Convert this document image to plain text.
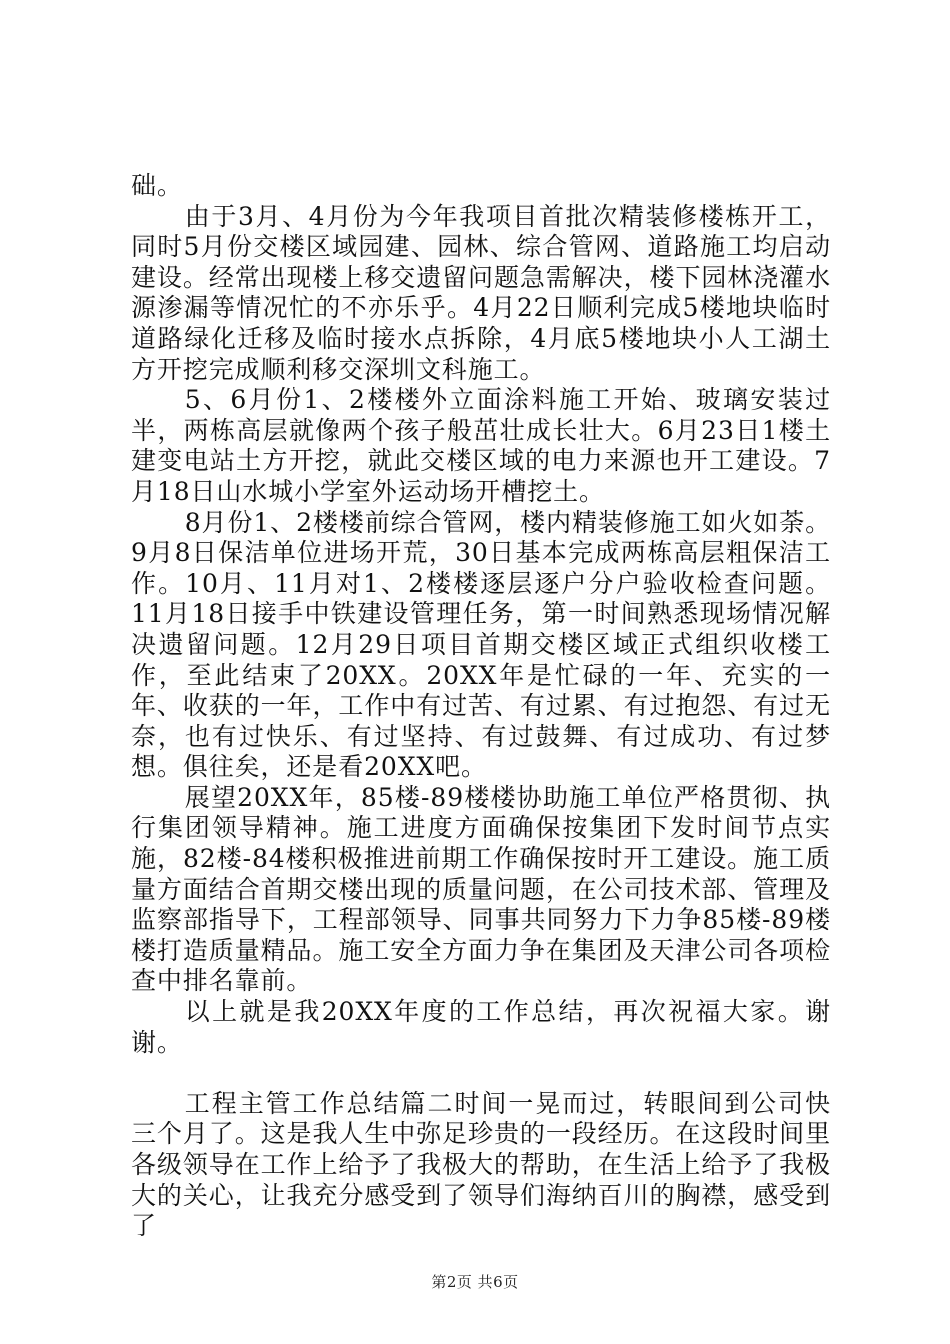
础。

由于3月、4月份为今年我项目首批次精装修楼栋开工，同时5月份交楼区域园建、园林、综合管网、道路施工均启动建设。经常出现楼上移交遗留问题急需解决，楼下园林浇灌水源渗漏等情况忙的不亦乐乎。4月22日顺利完成5楼地块临时道路绿化迁移及临时接水点拆除，4月底5楼地块小人工湖土方开挖完成顺利移交深圳文科施工。

5、6月份1、2楼楼外立面涂料施工开始、玻璃安装过半，两栋高层就像两个孩子般茁壮成长壮大。6月23日1楼土建变电站土方开挖，就此交楼区域的电力来源也开工建设。7月18日山水城小学室外运动场开槽挖土。

8月份1、2楼楼前综合管网，楼内精装修施工如火如荼。9月8日保洁单位进场开荒，30日基本完成两栋高层粗保洁工作。10月、11月对1、2楼楼逐层逐户分户验收检查问题。11月18日接手中铁建设管理任务，第一时间熟悉现场情况解决遗留问题。12月29日项目首期交楼区域正式组织收楼工作，至此结束了20XX。20XX年是忙碌的一年、充实的一年、收获的一年，工作中有过苦、有过累、有过抱怨、有过无奈，也有过快乐、有过坚持、有过鼓舞、有过成功、有过梦想。俱往矣，还是看20XX吧。

展望20XX年，85楼-89楼楼协助施工单位严格贯彻、执行集团领导精神。施工进度方面确保按集团下发时间节点实施，82楼-84楼积极推进前期工作确保按时开工建设。施工质量方面结合首期交楼出现的质量问题，在公司技术部、管理及监察部指导下，工程部领导、同事共同努力下力争85楼-89楼楼打造质量精品。施工安全方面力争在集团及天津公司各项检查中排名靠前。

以上就是我20XX年度的工作总结，再次祝福大家。谢谢。

工程主管工作总结篇二时间一晃而过，转眼间到公司快三个月了。这是我人生中弥足珍贵的一段经历。在这段时间里各级领导在工作上给予了我极大的帮助，在生活上给予了我极大的关心，让我充分感受到了领导们海纳百川的胸襟，感受到了

第2页 共6页
